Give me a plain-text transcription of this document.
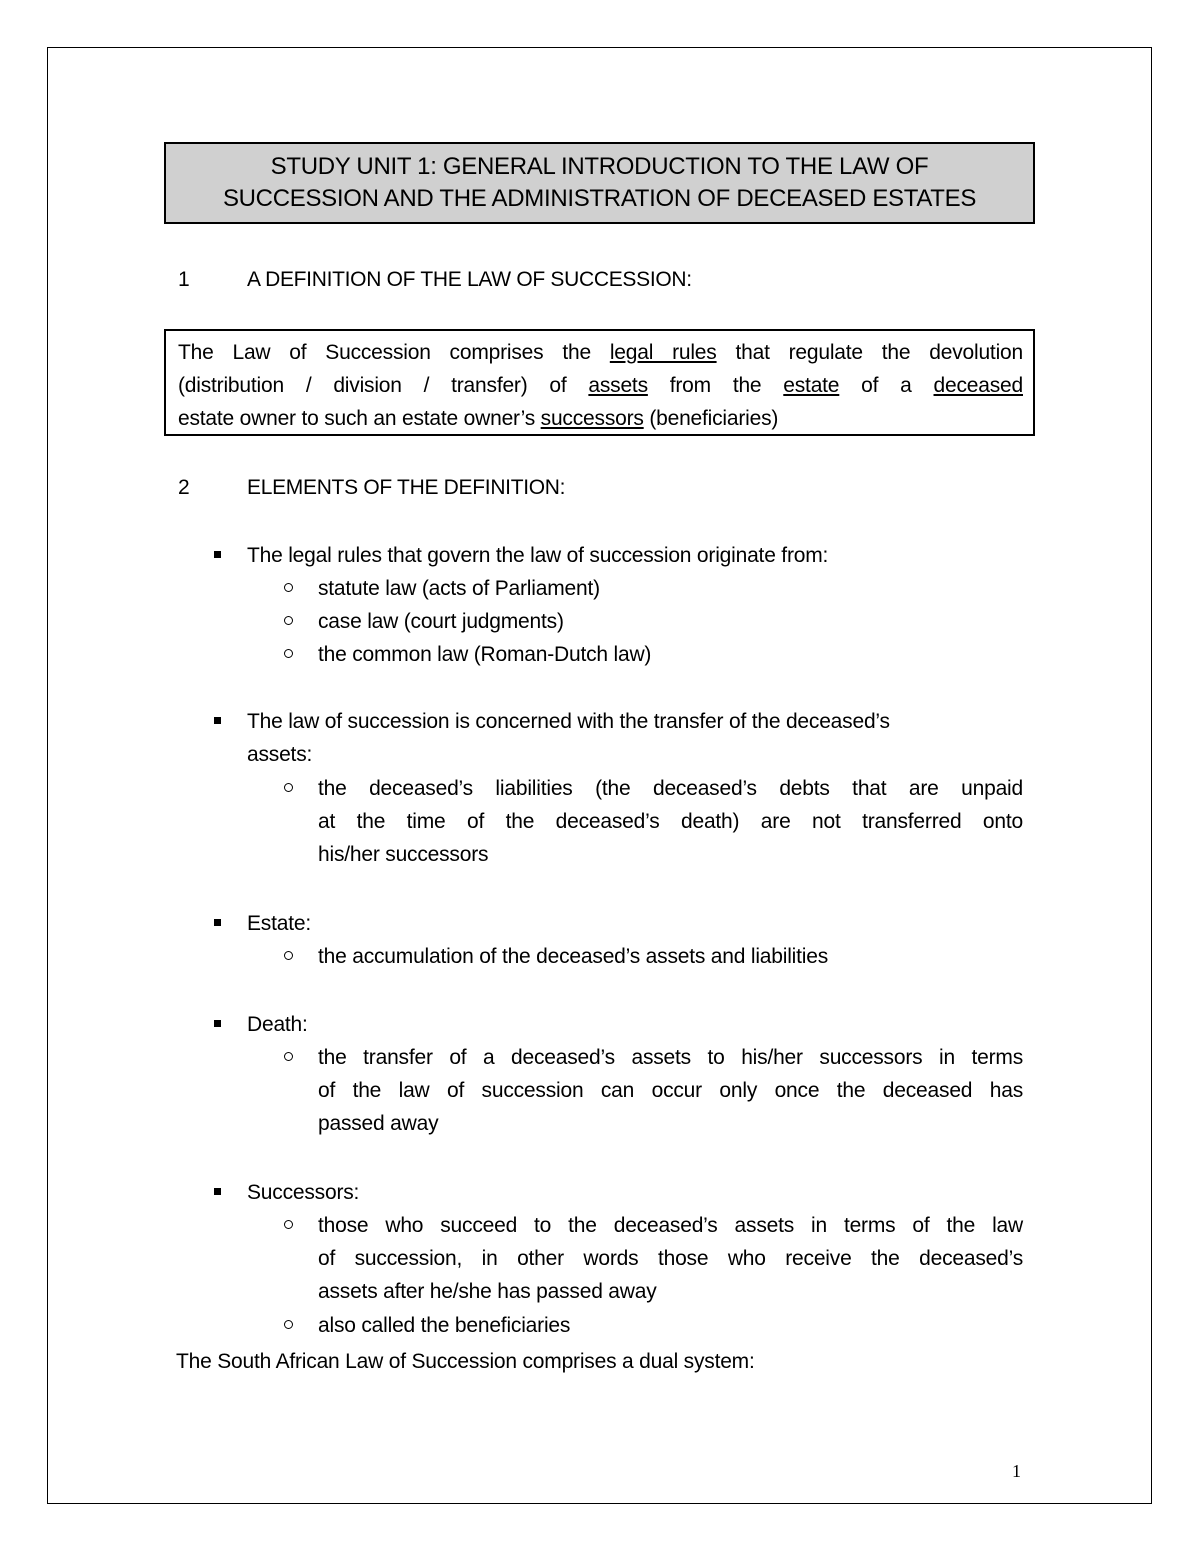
STUDY UNIT 1: GENERAL INTRODUCTION TO THE LAW OF
SUCCESSION AND THE ADMINISTRATION OF DECEASED ESTATES
1	A DEFINITION OF THE LAW OF SUCCESSION:
The Law of Succession comprises the legal rules that regulate the devolution
(distribution / division / transfer) of assets from the estate of a deceased
estate owner to such an estate owner’s successors (beneficiaries)
2	ELEMENTS OF THE DEFINITION:
The legal rules that govern the law of succession originate from:
statute law (acts of Parliament)
case law (court judgments)
the common law (Roman-Dutch law)
The law of succession is concerned with the transfer of the deceased’s
assets:
the deceased’s liabilities (the deceased’s debts that are unpaid
at the time of the deceased’s death) are not transferred onto
his/her successors
Estate:
the accumulation of the deceased’s assets and liabilities
Death:
the transfer of a deceased’s assets to his/her successors in terms
of the law of succession can occur only once the deceased has
passed away
Successors:
those who succeed to the deceased’s assets in terms of the law
of succession, in other words those who receive the deceased’s
assets after he/she has passed away
also called the beneficiaries
The South African Law of Succession comprises a dual system:
1
